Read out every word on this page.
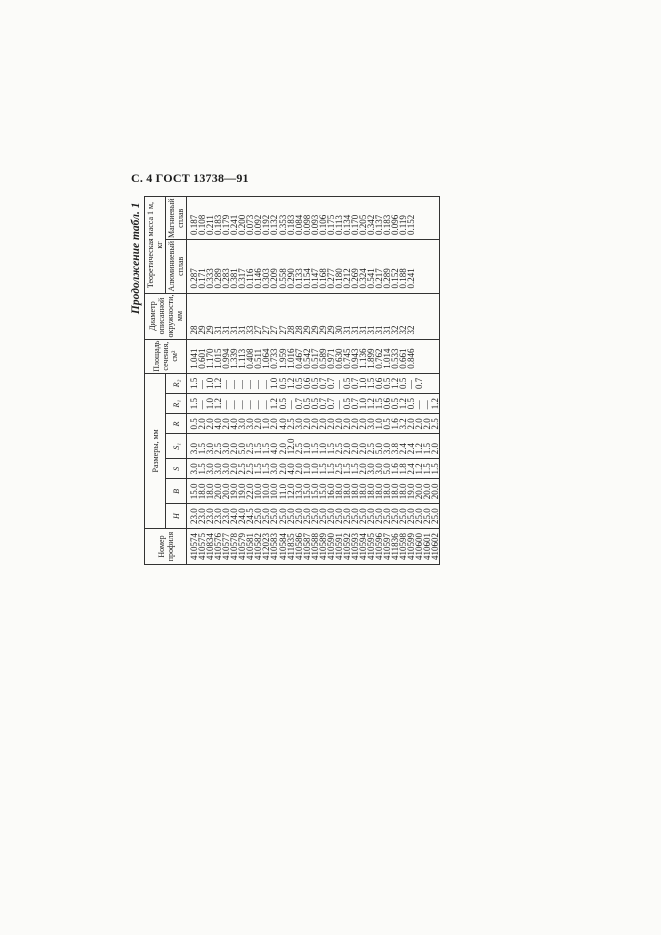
С. 4 ГОСТ 13738—91
Продолжение табл. 1
Номер профиля	Размеры, мм							Площадь сечения, см²	Диаметр описанной окружности, мм	Теоретическая масса 1 м, кг	
	H	B	S	S₁	R	R₁	R₂			Алюминиевый сплав	Магниевый сплав
410574	23.0	15.0	3.0	3.0	0.5	1.5	1.5	1.041	28	0.287	0.187
410575	23.0	18.0	1.5	1.5	2.0	—	—	0.601	29	0.171	0.108
410834	23.0	18.0	3.0	3.0	2.0	1.0	1.0	1.170	29	0.333	0.211
410576	23.0	20.0	3.0	2.5	4.0	1.2	1.2	1.015	31	0.289	0.183
410577	23.0	20.0	3.0	3.0	2.0	—	—	0.994	31	0.283	0.179
410578	24.0	19.0	2.0	2.0	4.0	—	—	1.339	31	0.381	0.241
410579	24.0	19.0	2.5	5.0	3.0	—	—	1.113	31	0.317	0.200
410581	24.5	22.0	2.5	2.5	3.0	—	—	0.408	33	0.116	0.073
410582	25.0	10.0	1.5	1.5	2.0	—	—	0.511	27	0.146	0.092
412023	25.0	10.0	1.5	1.5	1.0	—	—	1.064	27	0.303	0.192
410583	25.0	10.0	3.0	4.0	2.0	1.2	1.0	0.733	27	0.209	0.132
410584	25.0	11.0	2.0	2.0	4.0	0.5	0.5	1.959	27	0.558	0.353
411835	25.0	12.0	4.0	12.0	2.5	—	1.2	1.016	28	0.290	0.183
410586	25.0	13.0	2.0	2.5	3.0	0.7	0.5	0.467	28	0.133	0.084
410587	25.0	15.0	1.0	1.0	2.0	0.5	0.6	0.542	29	0.154	0.098
410588	25.0	15.0	1.0	1.5	2.0	0.5	0.5	0.517	29	0.147	0.093
410589	25.0	15.0	1.5	1.0	2.0	0.7	0.7	0.589	29	0.168	0.106
410590	25.0	16.0	1.5	1.5	2.0	0.7	0.7	0.971	29	0.277	0.175
410591	25.0	18.0	2.5	2.5	2.0	—	—	0.630	30	0.180	0.113
410592	25.0	18.0	1.5	2.0	2.0	0.5	0.5	0.745	31	0.212	0.134
410593	25.0	18.0	1.5	2.0	2.0	0.7	0.7	0.943	31	0.269	0.170
410594	25.0	18.0	2.0	2.0	2.0	1.0	1.0	1.136	31	0.324	0.205
410595	25.0	18.0	3.0	2.5	3.0	1.2	1.5	1.899	31	0.541	0.342
410596	25.0	18.0	3.0	5.0	1.0	1.5	0.6	0.762	31	0.217	0.137
410597	25.0	18.0	5.0	3.0	0.5	0.6	0.5	1.014	31	0.289	0.183
411836	25.0	18.0	1.6	3.8	1.6	0.5	1.2	0.533	32	0.152	0.096
410598	25.0	18.0	1.8	2.4	3.2	1.2	0.5	0.661	32	0.188	0.119
410599	25.0	19.0	2.4	2.4	2.0	0.5	—	0.846	32	0.241	0.152
410600	25.0	20.0	1.2	1.2	2.0	—	0.7				
410601	25.0	20.0	1.5	1.5	2.0	—					
410602	25.0	20.0	1.5	2.0	2.5	1.2					
